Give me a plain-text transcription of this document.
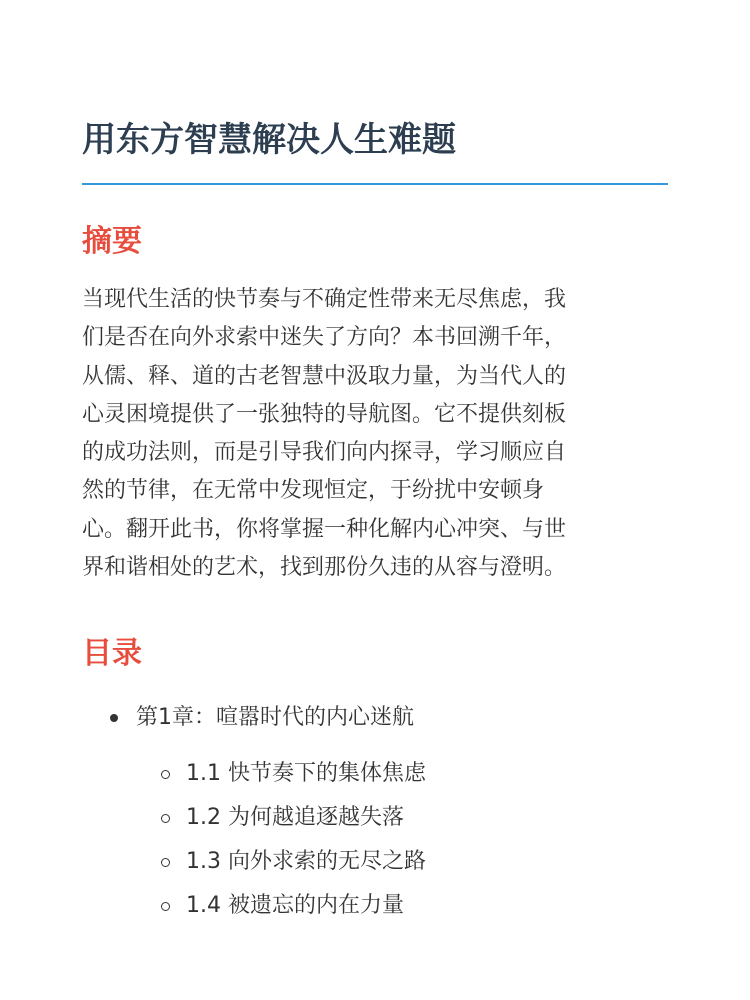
用东方智慧解决人生难题
摘要

当现代生活的快节奏与不确定性带来无尽焦虑，我
们是否在向外求索中迷失了方向？本书回溯千年，
从儒、释、道的古老智慧中汲取力量，为当代人的
心灵困境提供了一张独特的导航图。它不提供刻板
的成功法则，而是引导我们向内探寻，学习顺应自
然的节律，在无常中发现恒定，于纷扰中安顿身
心。翻开此书，你将掌握一种化解内心冲突、与世
界和谐相处的艺术，找到那份久违的从容与澄明。

目录
第1章：喧嚣时代的内心迷航
1.1 快节奏下的集体焦虑
1.2 为何越追逐越失落
1.3 向外求索的无尽之路
1.4 被遗忘的内在力量
